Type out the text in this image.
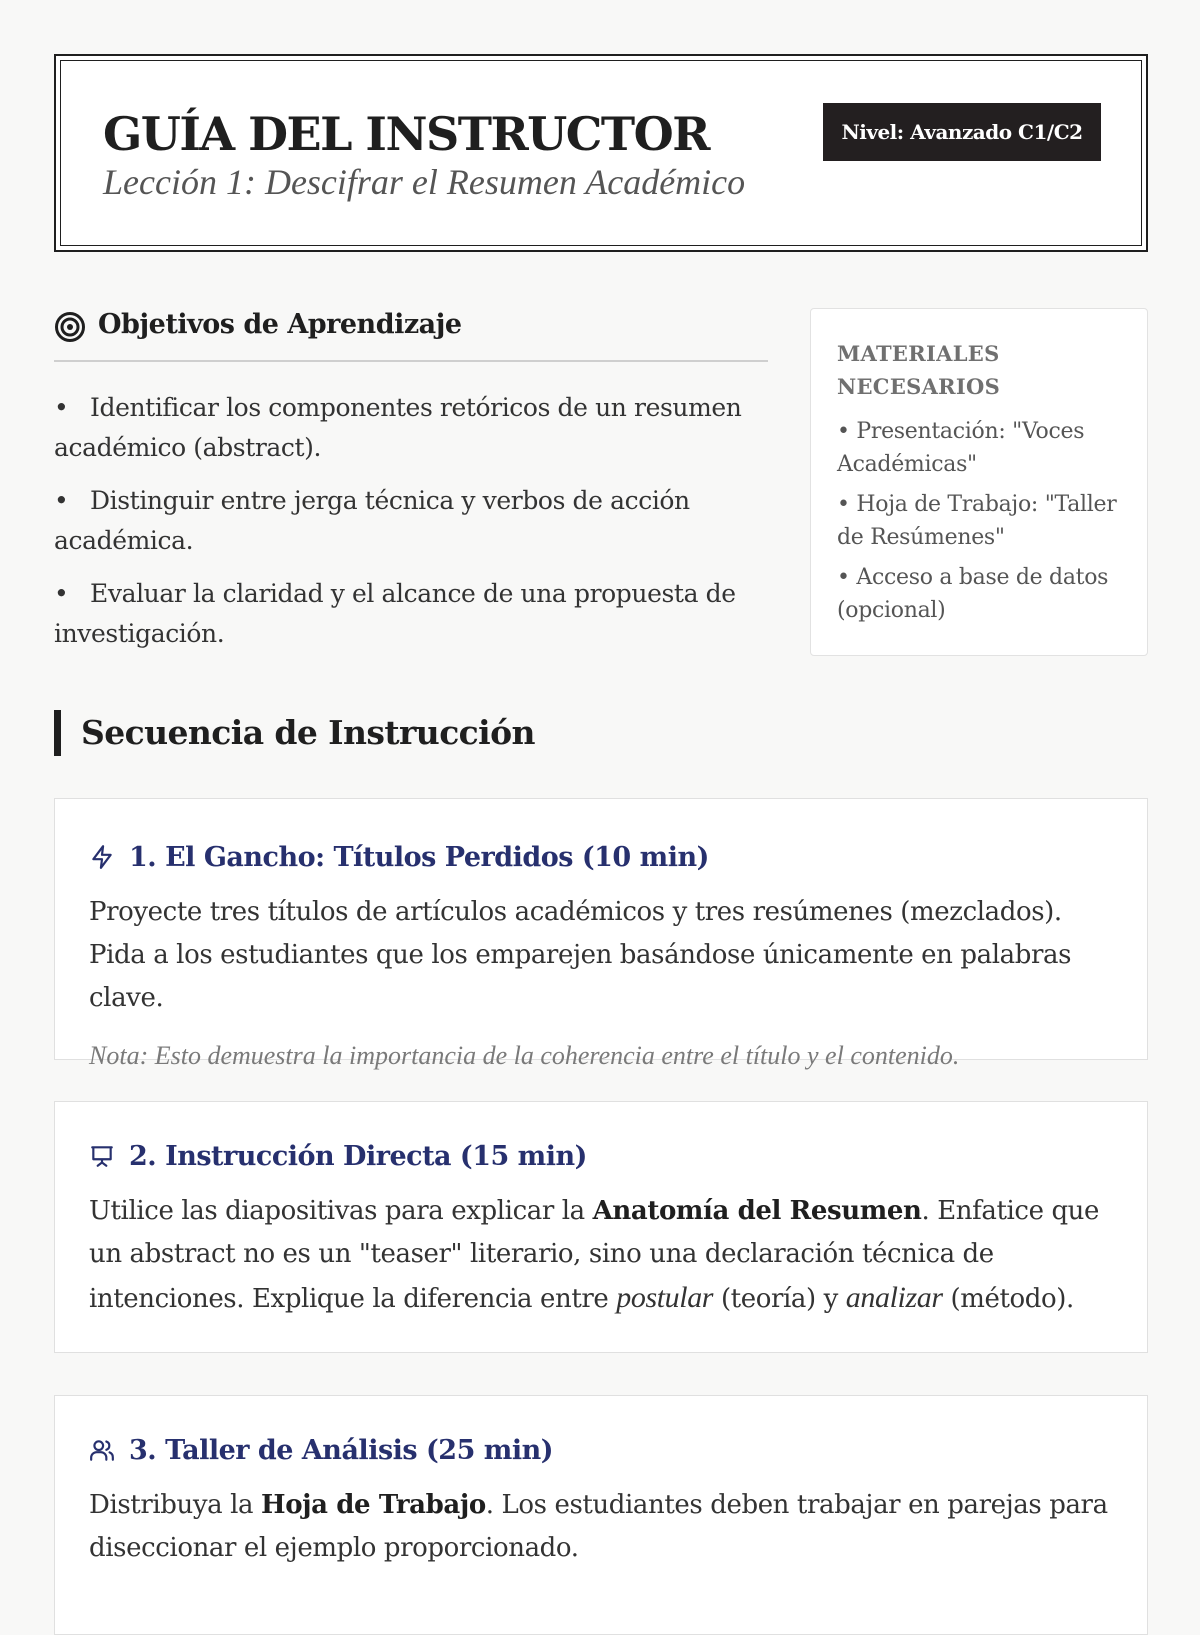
GUÍA DEL INSTRUCTOR

Lección 1: Descifrar el Resumen Académico

Nivel: Avanzado C1/C2
Objetivos de Aprendizaje
• Identificar los componentes retóricos de un resumen académico (abstract).
• Distinguir entre jerga técnica y verbos de acción académica.
• Evaluar la claridad y el alcance de una propuesta de investigación.

MATERIALES NECESARIOS

• Presentación: "Voces Académicas"
• Hoja de Trabajo: "Taller de Resúmenes"
• Acceso a base de datos (opcional)
Secuencia de Instrucción
1. El Gancho: Títulos Perdidos (10 min)

Proyecte tres títulos de artículos académicos y tres resúmenes (mezclados). Pida a los estudiantes que los emparejen basándose únicamente en palabras clave.

Nota: Esto demuestra la importancia de la coherencia entre el título y el contenido.

2. Instrucción Directa (15 min)

Utilice las diapositivas para explicar la Anatomía del Resumen. Enfatice que un abstract no es un "teaser" literario, sino una declaración técnica de intenciones. Explique la diferencia entre postular (teoría) y analizar (método).

3. Taller de Análisis (25 min)

Distribuya la Hoja de Trabajo. Los estudiantes deben trabajar en parejas para diseccionar el ejemplo proporcionado.
